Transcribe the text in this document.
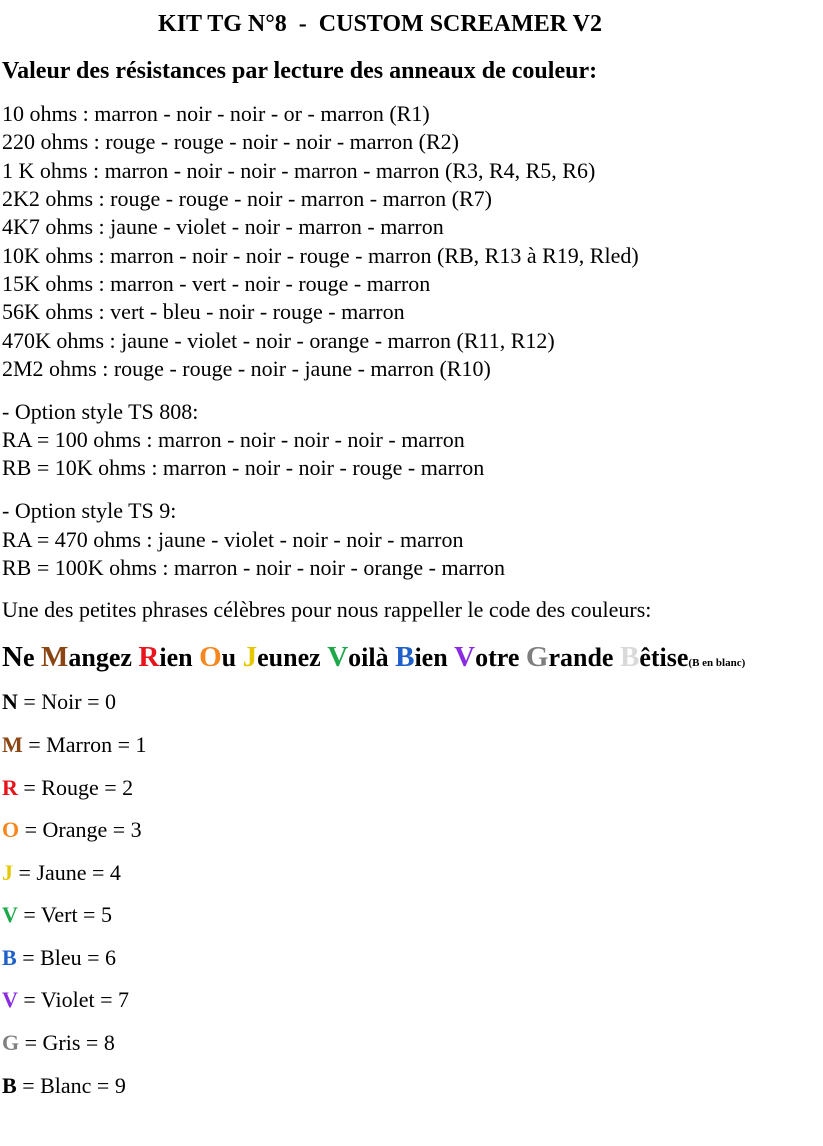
KIT TG N°8  -  CUSTOM SCREAMER V2
Valeur des résistances par lecture des anneaux de couleur:
10 ohms : marron - noir - noir - or - marron (R1)
220 ohms : rouge - rouge - noir - noir - marron (R2)
1 K ohms : marron - noir - noir - marron - marron (R3, R4, R5, R6)
2K2 ohms : rouge - rouge - noir - marron - marron (R7)
4K7 ohms : jaune - violet - noir - marron - marron
10K ohms : marron - noir - noir - rouge - marron (RB, R13 à R19, Rled)
15K ohms : marron - vert - noir - rouge - marron
56K ohms : vert - bleu - noir - rouge - marron
470K ohms : jaune - violet - noir - orange - marron (R11, R12)
2M2 ohms : rouge - rouge - noir - jaune - marron (R10)
- Option style TS 808:
RA = 100 ohms : marron - noir - noir - noir - marron
RB = 10K ohms : marron - noir - noir - rouge - marron
- Option style TS 9:
RA = 470 ohms : jaune - violet - noir - noir - marron
RB = 100K ohms : marron - noir - noir - orange - marron
Une des petites phrases célèbres pour nous rappeller le code des couleurs:
Ne Mangez Rien Ou Jeunez Voilà Bien Votre Grande Bêtise(B en blanc)
N = Noir = 0
M = Marron = 1
R = Rouge = 2
O = Orange = 3
J = Jaune = 4
V = Vert = 5
B = Bleu = 6
V = Violet = 7
G = Gris = 8
B = Blanc = 9
